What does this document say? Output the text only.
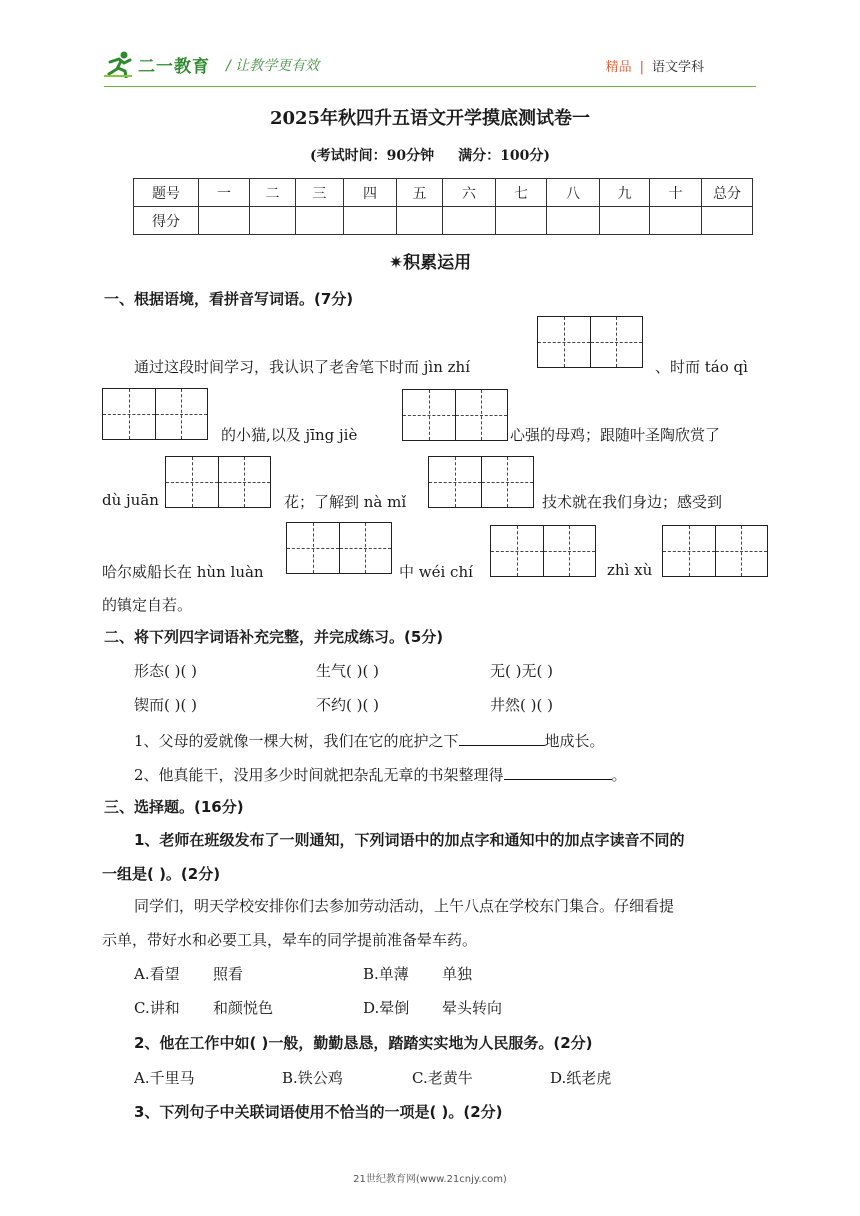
二一教育 / 让教学更有效	精品 | 语文学科
2025年秋四升五语文开学摸底测试卷一
(考试时间：90分钟 满分：100分)
题号	一	二	三	四	五	六	七	八	九	十	总分
得分											
✷积累运用
一、根据语境，看拼音写词语。(7分)
通过这段时间学习，我认识了老舍笔下时而 jìn zhí	、时而 táo qì
的小猫,以及 jīng jiè	心强的母鸡；跟随叶圣陶欣赏了
dù juān	花；了解到 nà mǐ	技术就在我们身边；感受到
哈尔威船长在 hùn luàn	中 wéi chí	zhì xù
的镇定自若。
二、将下列四字词语补充完整，并完成练习。(5分)
形态( )( )	生气( )( )	无( )无( )
锲而( )( )	不约( )( )	井然( )( )
1、父母的爱就像一棵大树，我们在它的庇护之下	地成长。
2、他真能干，没用多少时间就把杂乱无章的书架整理得	。
三、选择题。(16分)
1、老师在班级发布了一则通知，下列词语中的加点字和通知中的加点字读音不同的
一组是( )。(2分)
同学们，明天学校安排你们去参加劳动活动，上午八点在学校东门集合。仔细看提
示单，带好水和必要工具，晕车的同学提前准备晕车药。
A.看望 照看	B.单薄 单独
C.讲和 和颜悦色	D.晕倒 晕头转向
2、他在工作中如( )一般，勤勤恳恳，踏踏实实地为人民服务。(2分)
A.千里马	B.铁公鸡	C.老黄牛	D.纸老虎
3、下列句子中关联词语使用不恰当的一项是( )。(2分)
21世纪教育网(www.21cnjy.com)
